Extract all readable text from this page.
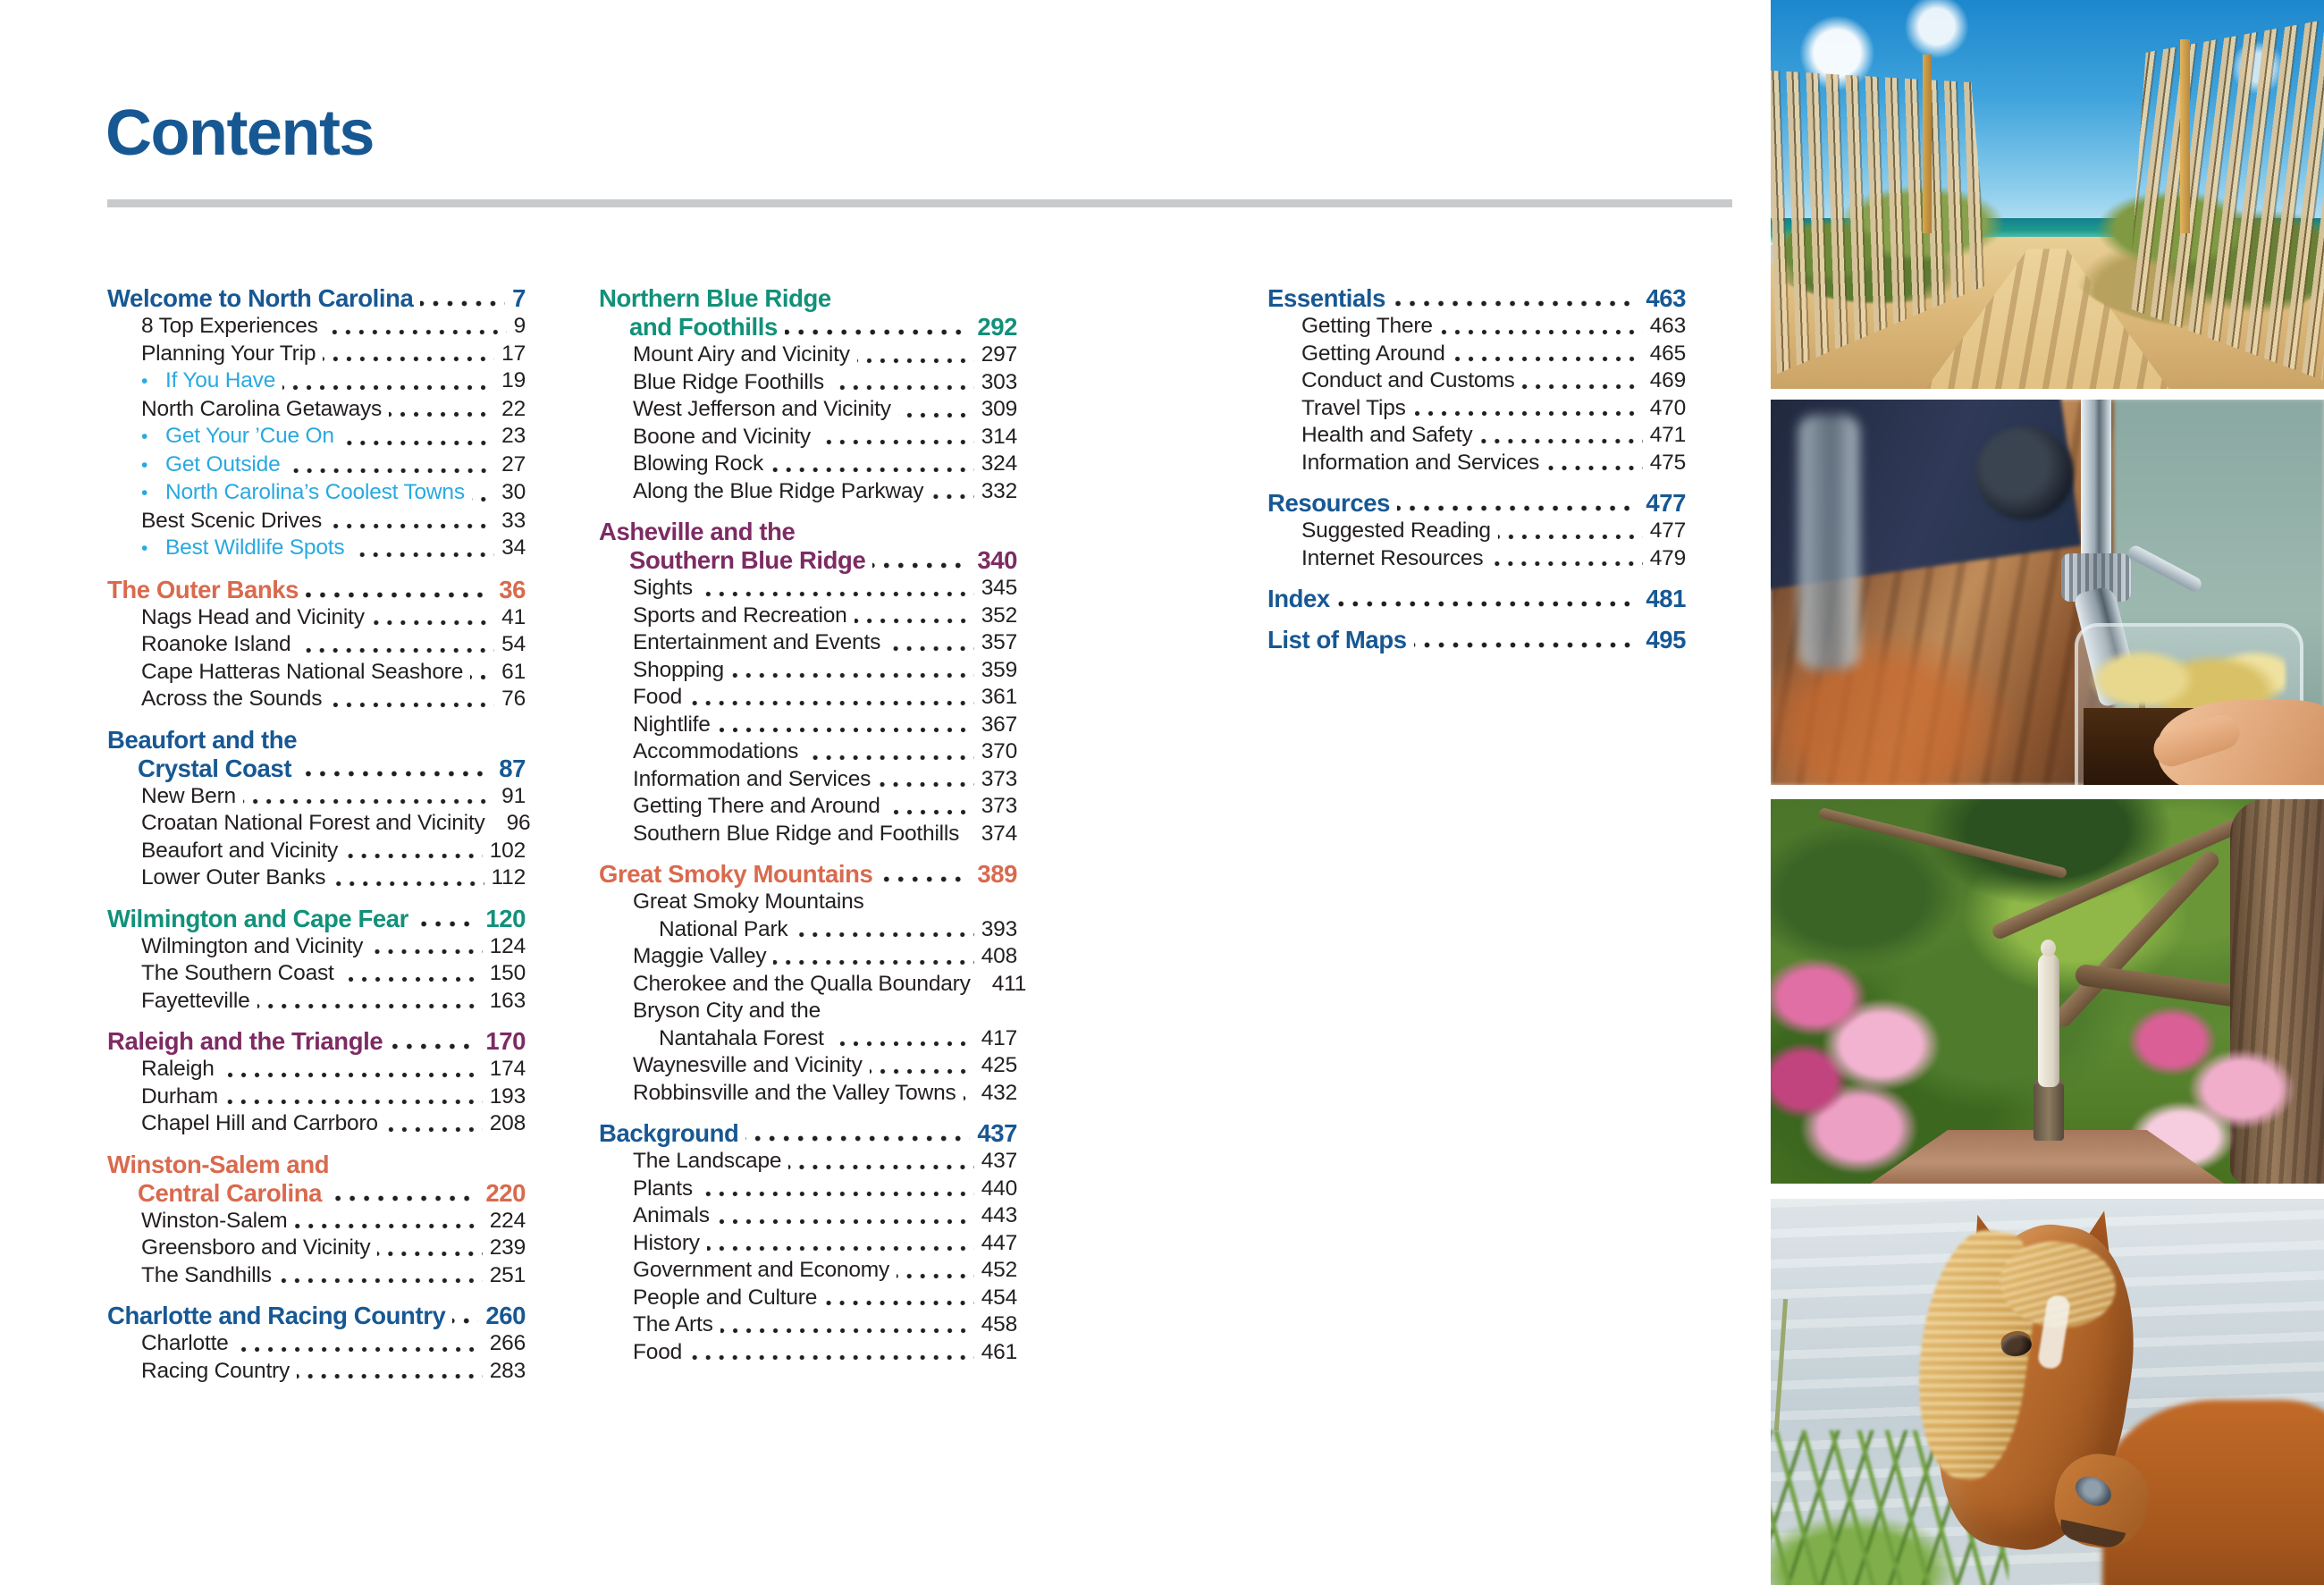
Contents
Welcome to North Carolina	7
8 Top Experiences	9
Planning Your Trip	17
• If You Have	19
North Carolina Getaways	22
• Get Your ’Cue On	23
• Get Outside	27
• North Carolina’s Coolest Towns 30
Best Scenic Drives	33
• Best Wildlife Spots	34
The Outer Banks	36
Nags Head and Vicinity	41
Roanoke Island	54
Cape Hatteras National Seashore 61
Across the Sounds	76
Beaufort and the
Crystal Coast	87
New Bern	91
Croatan National Forest and Vicinity 96
Beaufort and Vicinity	102
Lower Outer Banks	112
Wilmington and Cape Fear	120
Wilmington and Vicinity	124
The Southern Coast	150
Fayetteville	163
Raleigh and the Triangle	170
Raleigh	174
Durham	193
Chapel Hill and Carrboro	208
Winston-Salem and
Central Carolina	220
Winston-Salem	224
Greensboro and Vicinity	239
The Sandhills	251
Charlotte and Racing Country 260
Charlotte	266
Racing Country	283
Northern Blue Ridge
and Foothills	292
Mount Airy and Vicinity	297
Blue Ridge Foothills	303
West Jefferson and Vicinity	309
Boone and Vicinity	314
Blowing Rock	324
Along the Blue Ridge Parkway	332
Asheville and the
Southern Blue Ridge	340
Sights	345
Sports and Recreation	352
Entertainment and Events	357
Shopping	359
Food	361
Nightlife	367
Accommodations	370
Information and Services	373
Getting There and Around	373
Southern Blue Ridge and Foothills 374
Great Smoky Mountains	389
Great Smoky Mountains
National Park	393
Maggie Valley	408
Cherokee and the Qualla Boundary 411
Bryson City and the
Nantahala Forest	417
Waynesville and Vicinity	425
Robbinsville and the Valley Towns 432
Background	437
The Landscape	437
Plants	440
Animals	443
History	447
Government and Economy	452
People and Culture	454
The Arts	458
Food	461
Essentials	463
Getting There	463
Getting Around	465
Conduct and Customs	469
Travel Tips	470
Health and Safety	471
Information and Services	475
Resources	477
Suggested Reading	477
Internet Resources	479
Index	481
List of Maps	495
